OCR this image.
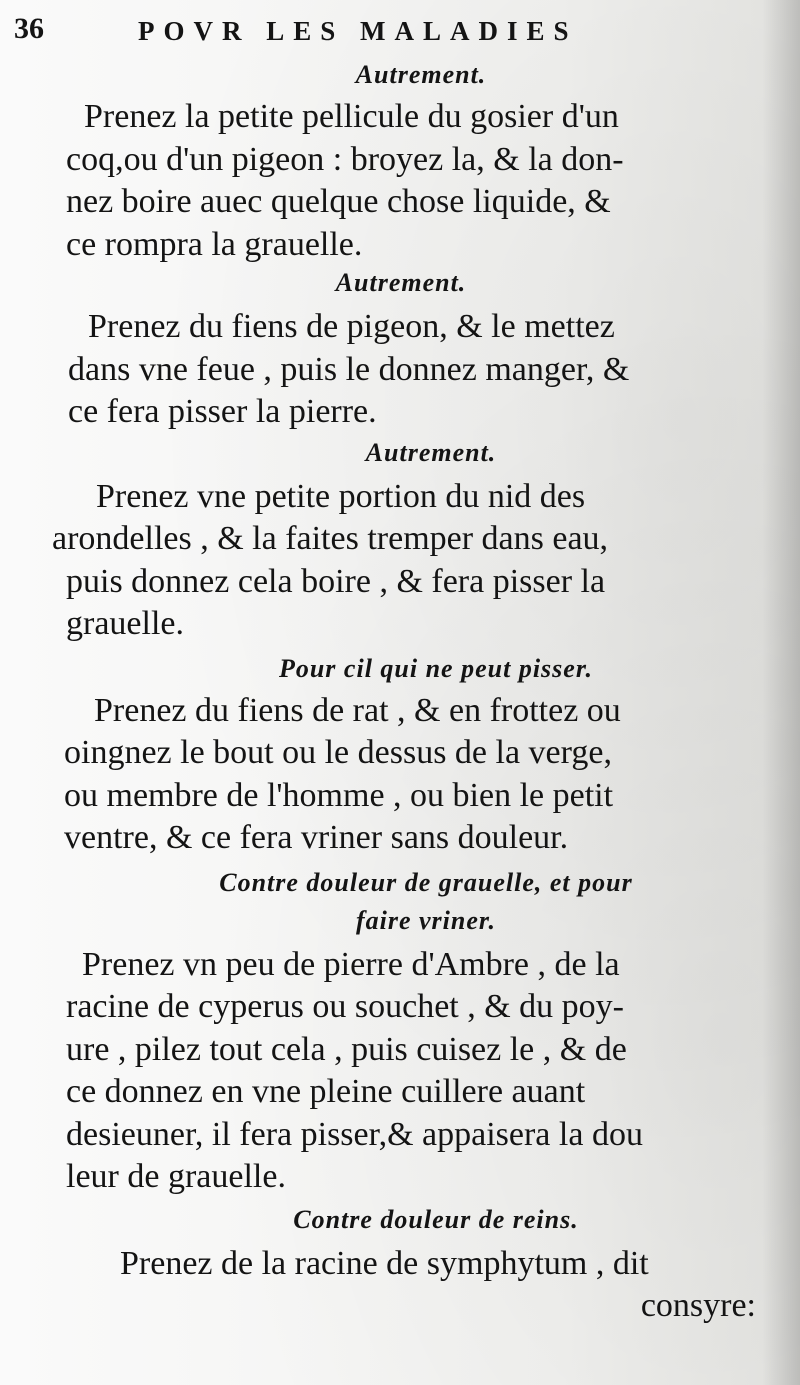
36	POVR LES MALADIES
Autrement.
Prenez la petite pellicule du gosier d'un
coq,ou d'un pigeon : broyez la, & la don-
nez boire auec quelque chose liquide, &
ce rompra la grauelle.
Autrement.
Prenez du fiens de pigeon, & le mettez
dans vne feue , puis le donnez manger, &
ce fera pisser la pierre.
Autrement.
Prenez vne petite portion du nid des
arondelles , & la faites tremper dans eau,
puis donnez cela boire , & fera pisser la
grauelle.
Pour cil qui ne peut pisser.
Prenez du fiens de rat , & en frottez ou
oingnez le bout ou le dessus de la verge,
ou membre de l'homme , ou bien le petit
ventre, & ce fera vriner sans douleur.
Contre douleur de grauelle, et pour
faire vriner.
Prenez vn peu de pierre d'Ambre , de la
racine de cyperus ou souchet , & du poy-
ure , pilez tout cela , puis cuisez le , & de
ce donnez en vne pleine cuillere auant
desieuner, il fera pisser,& appaisera la dou
leur de grauelle.
Contre douleur de reins.
Prenez de la racine de symphytum , dit
consyre:
